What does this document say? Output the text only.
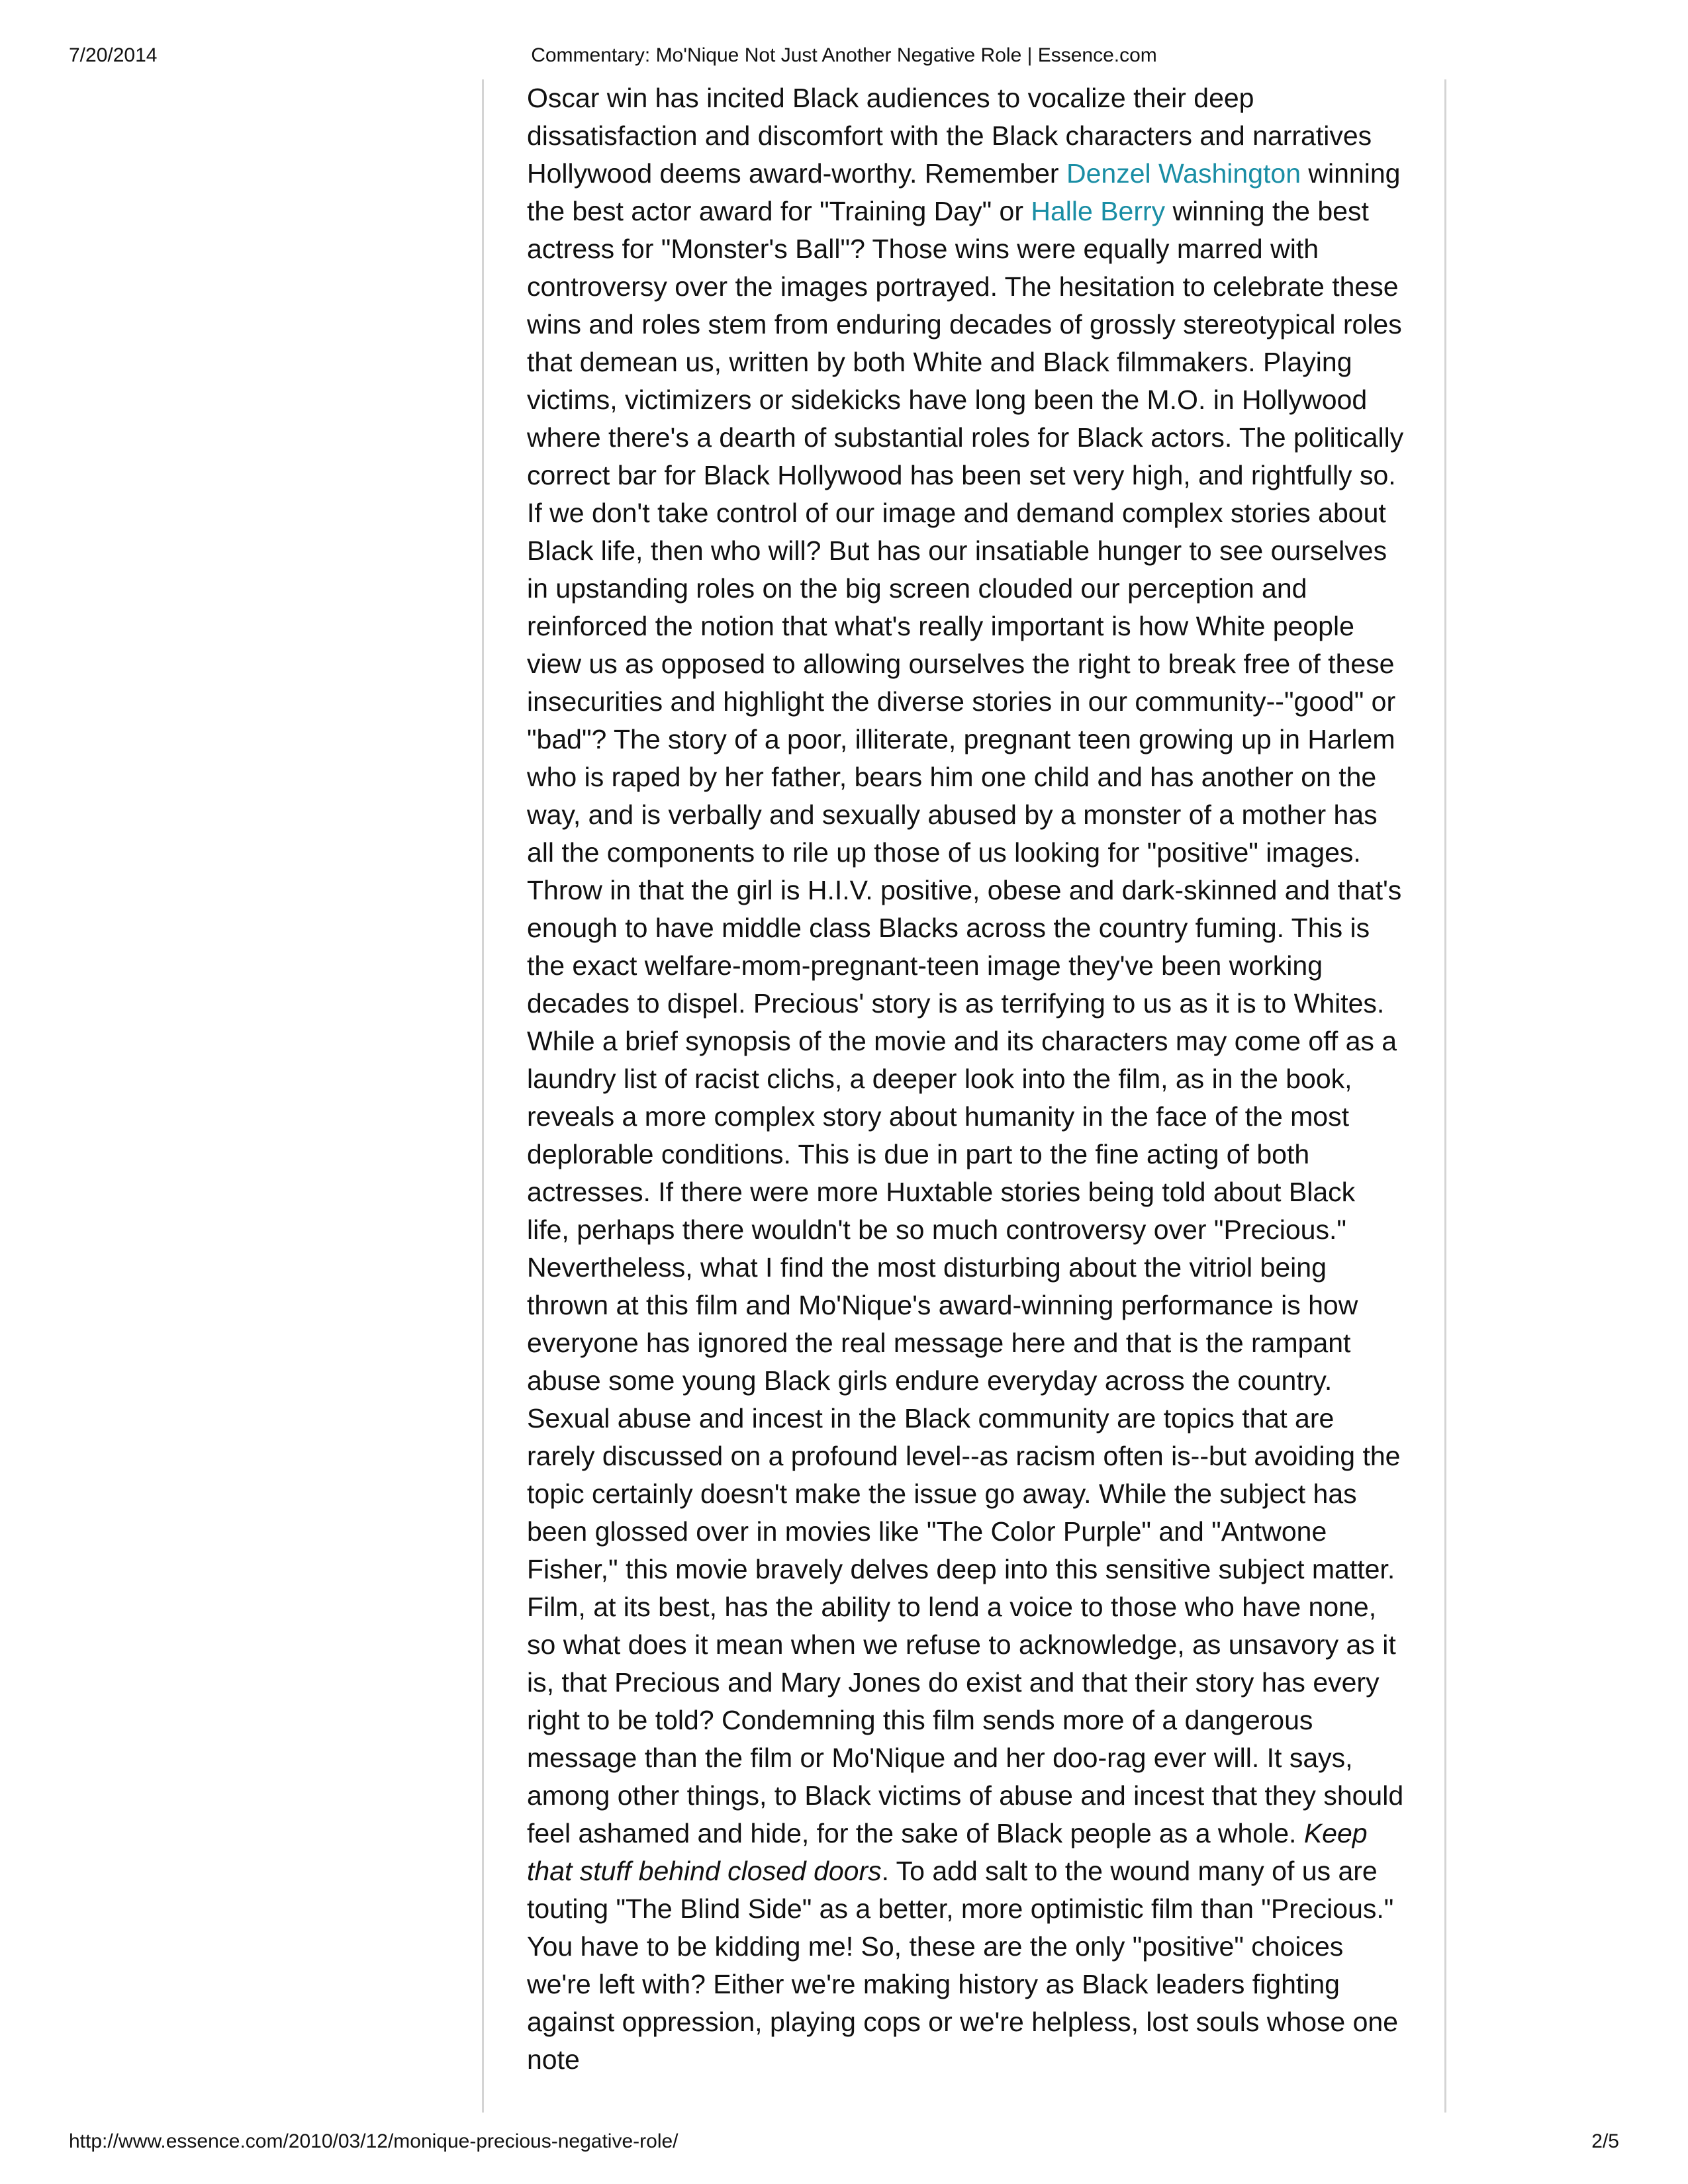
7/20/2014	Commentary: Mo'Nique Not Just Another Negative Role | Essence.com

Oscar win has incited Black audiences to vocalize their deep dissatisfaction and discomfort with the Black characters and narratives Hollywood deems award-worthy. Remember Denzel Washington winning the best actor award for "Training Day" or Halle Berry winning the best actress for "Monster's Ball"? Those wins were equally marred with controversy over the images portrayed. The hesitation to celebrate these wins and roles stem from enduring decades of grossly stereotypical roles that demean us, written by both White and Black filmmakers. Playing victims, victimizers or sidekicks have long been the M.O. in Hollywood where there's a dearth of substantial roles for Black actors. The politically correct bar for Black Hollywood has been set very high, and rightfully so. If we don't take control of our image and demand complex stories about Black life, then who will? But has our insatiable hunger to see ourselves in upstanding roles on the big screen clouded our perception and reinforced the notion that what's really important is how White people view us as opposed to allowing ourselves the right to break free of these insecurities and highlight the diverse stories in our community--"good" or "bad"? The story of a poor, illiterate, pregnant teen growing up in Harlem who is raped by her father, bears him one child and has another on the way, and is verbally and sexually abused by a monster of a mother has all the components to rile up those of us looking for "positive" images. Throw in that the girl is H.I.V. positive, obese and dark-skinned and that's enough to have middle class Blacks across the country fuming. This is the exact welfare-mom-pregnant-teen image they've been working decades to dispel. Precious' story is as terrifying to us as it is to Whites. While a brief synopsis of the movie and its characters may come off as a laundry list of racist clichs, a deeper look into the film, as in the book, reveals a more complex story about humanity in the face of the most deplorable conditions. This is due in part to the fine acting of both actresses. If there were more Huxtable stories being told about Black life, perhaps there wouldn't be so much controversy over "Precious." Nevertheless, what I find the most disturbing about the vitriol being thrown at this film and Mo'Nique's award-winning performance is how everyone has ignored the real message here and that is the rampant abuse some young Black girls endure everyday across the country. Sexual abuse and incest in the Black community are topics that are rarely discussed on a profound level--as racism often is--but avoiding the topic certainly doesn't make the issue go away. While the subject has been glossed over in movies like "The Color Purple" and "Antwone Fisher," this movie bravely delves deep into this sensitive subject matter. Film, at its best, has the ability to lend a voice to those who have none, so what does it mean when we refuse to acknowledge, as unsavory as it is, that Precious and Mary Jones do exist and that their story has every right to be told? Condemning this film sends more of a dangerous message than the film or Mo'Nique and her doo-rag ever will. It says, among other things, to Black victims of abuse and incest that they should feel ashamed and hide, for the sake of Black people as a whole. Keep that stuff behind closed doors. To add salt to the wound many of us are touting "The Blind Side" as a better, more optimistic film than "Precious." You have to be kidding me! So, these are the only "positive" choices we're left with? Either we're making history as Black leaders fighting against oppression, playing cops or we're helpless, lost souls whose one note

http://www.essence.com/2010/03/12/monique-precious-negative-role/	2/5
